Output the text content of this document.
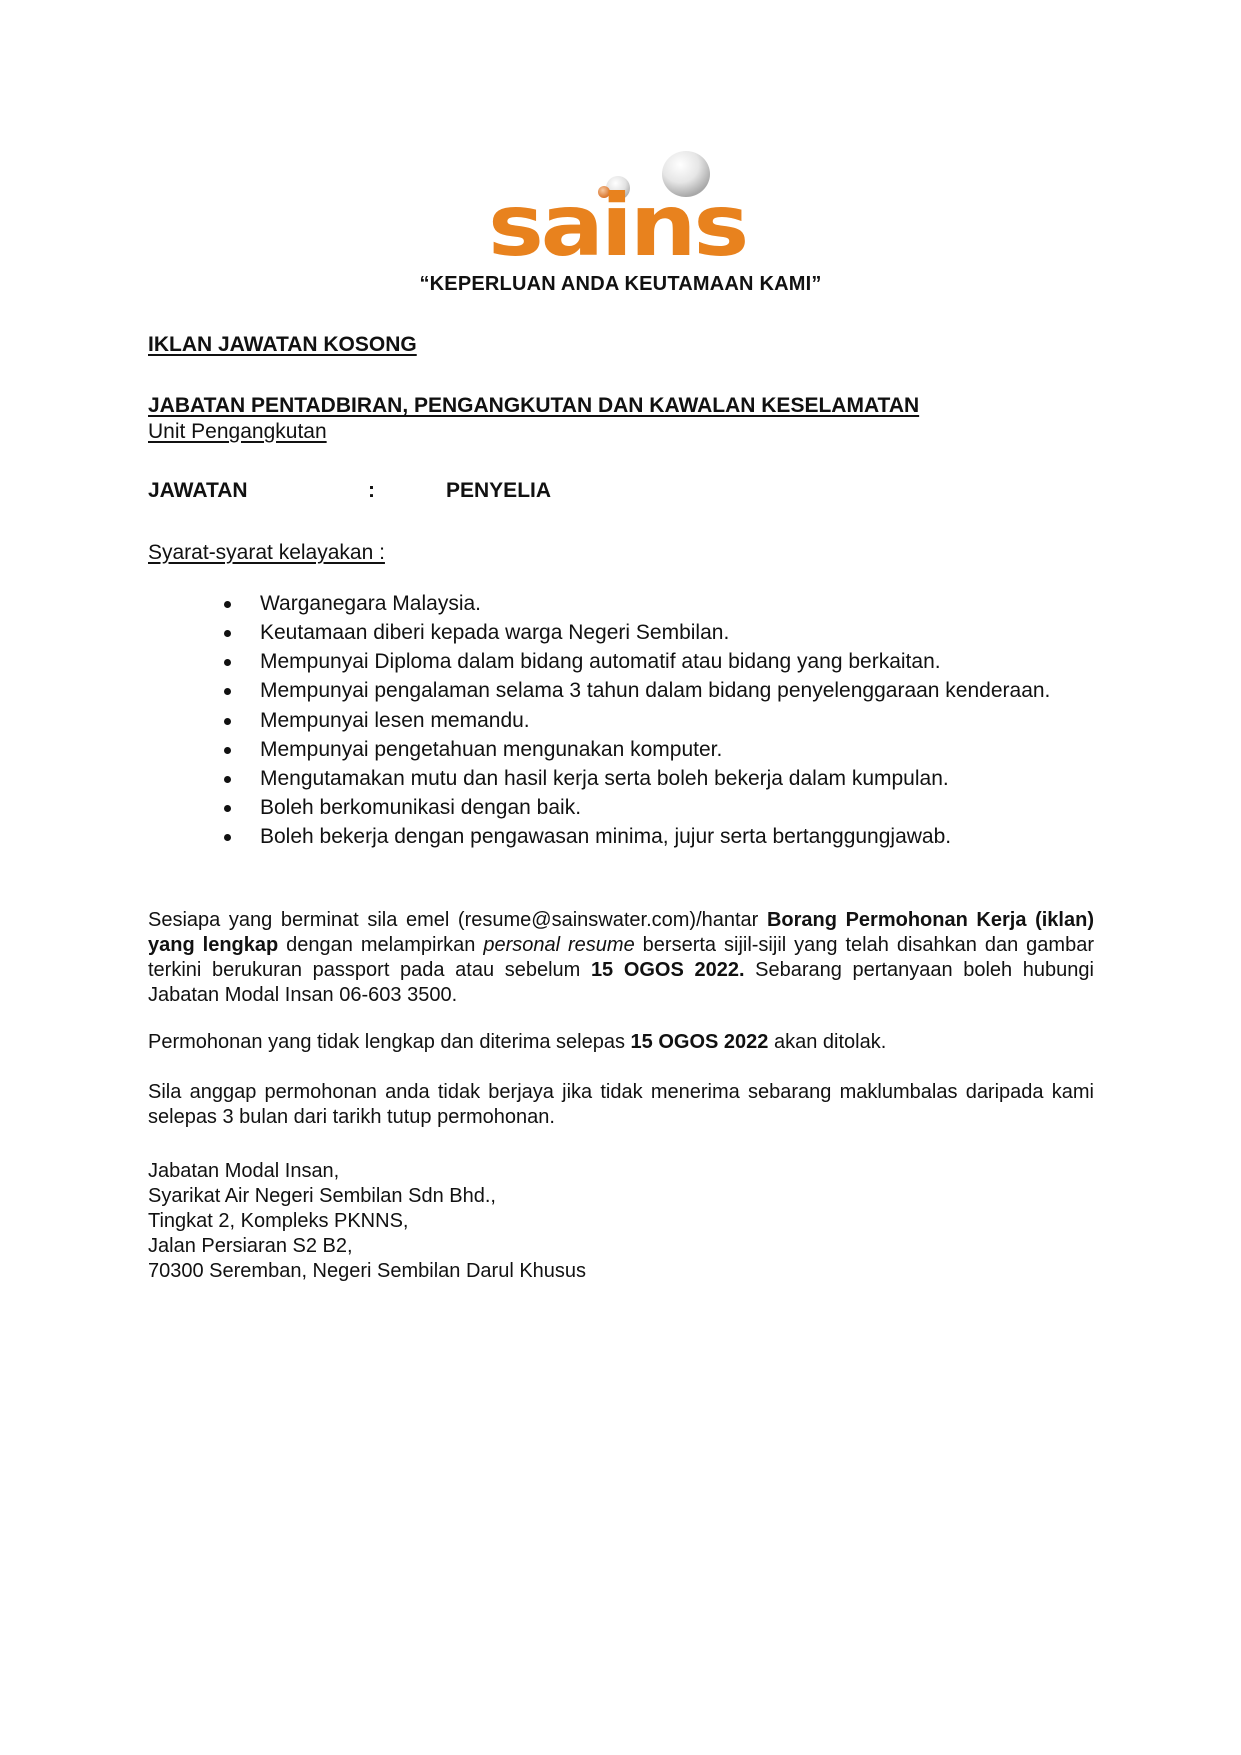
sains
“KEPERLUAN ANDA KEUTAMAAN KAMI”
IKLAN JAWATAN KOSONG
JABATAN PENTADBIRAN, PENGANGKUTAN DAN KAWALAN KESELAMATAN
Unit Pengangkutan
JAWATAN	:	PENYELIA
Syarat-syarat kelayakan :
Warganegara Malaysia.
Keutamaan diberi kepada warga Negeri Sembilan.
Mempunyai Diploma dalam bidang automatif atau bidang yang berkaitan.
Mempunyai pengalaman selama 3 tahun dalam bidang penyelenggaraan kenderaan.
Mempunyai lesen memandu.
Mempunyai pengetahuan mengunakan komputer.
Mengutamakan mutu dan hasil kerja serta boleh bekerja dalam kumpulan.
Boleh berkomunikasi dengan baik.
Boleh bekerja dengan pengawasan minima, jujur serta bertanggungjawab.
Sesiapa yang berminat sila emel (resume@sainswater.com)/hantar Borang Permohonan Kerja (iklan) yang lengkap dengan melampirkan personal resume berserta sijil-sijil yang telah disahkan dan gambar terkini berukuran passport pada atau sebelum 15 OGOS 2022. Sebarang pertanyaan boleh hubungi Jabatan Modal Insan 06-603 3500.
Permohonan yang tidak lengkap dan diterima selepas 15 OGOS 2022 akan ditolak.
Sila anggap permohonan anda tidak berjaya jika tidak menerima sebarang maklumbalas daripada kami selepas 3 bulan dari tarikh tutup permohonan.
Jabatan Modal Insan,
Syarikat Air Negeri Sembilan Sdn Bhd.,
Tingkat 2, Kompleks PKNNS,
Jalan Persiaran S2 B2,
70300 Seremban, Negeri Sembilan Darul Khusus
